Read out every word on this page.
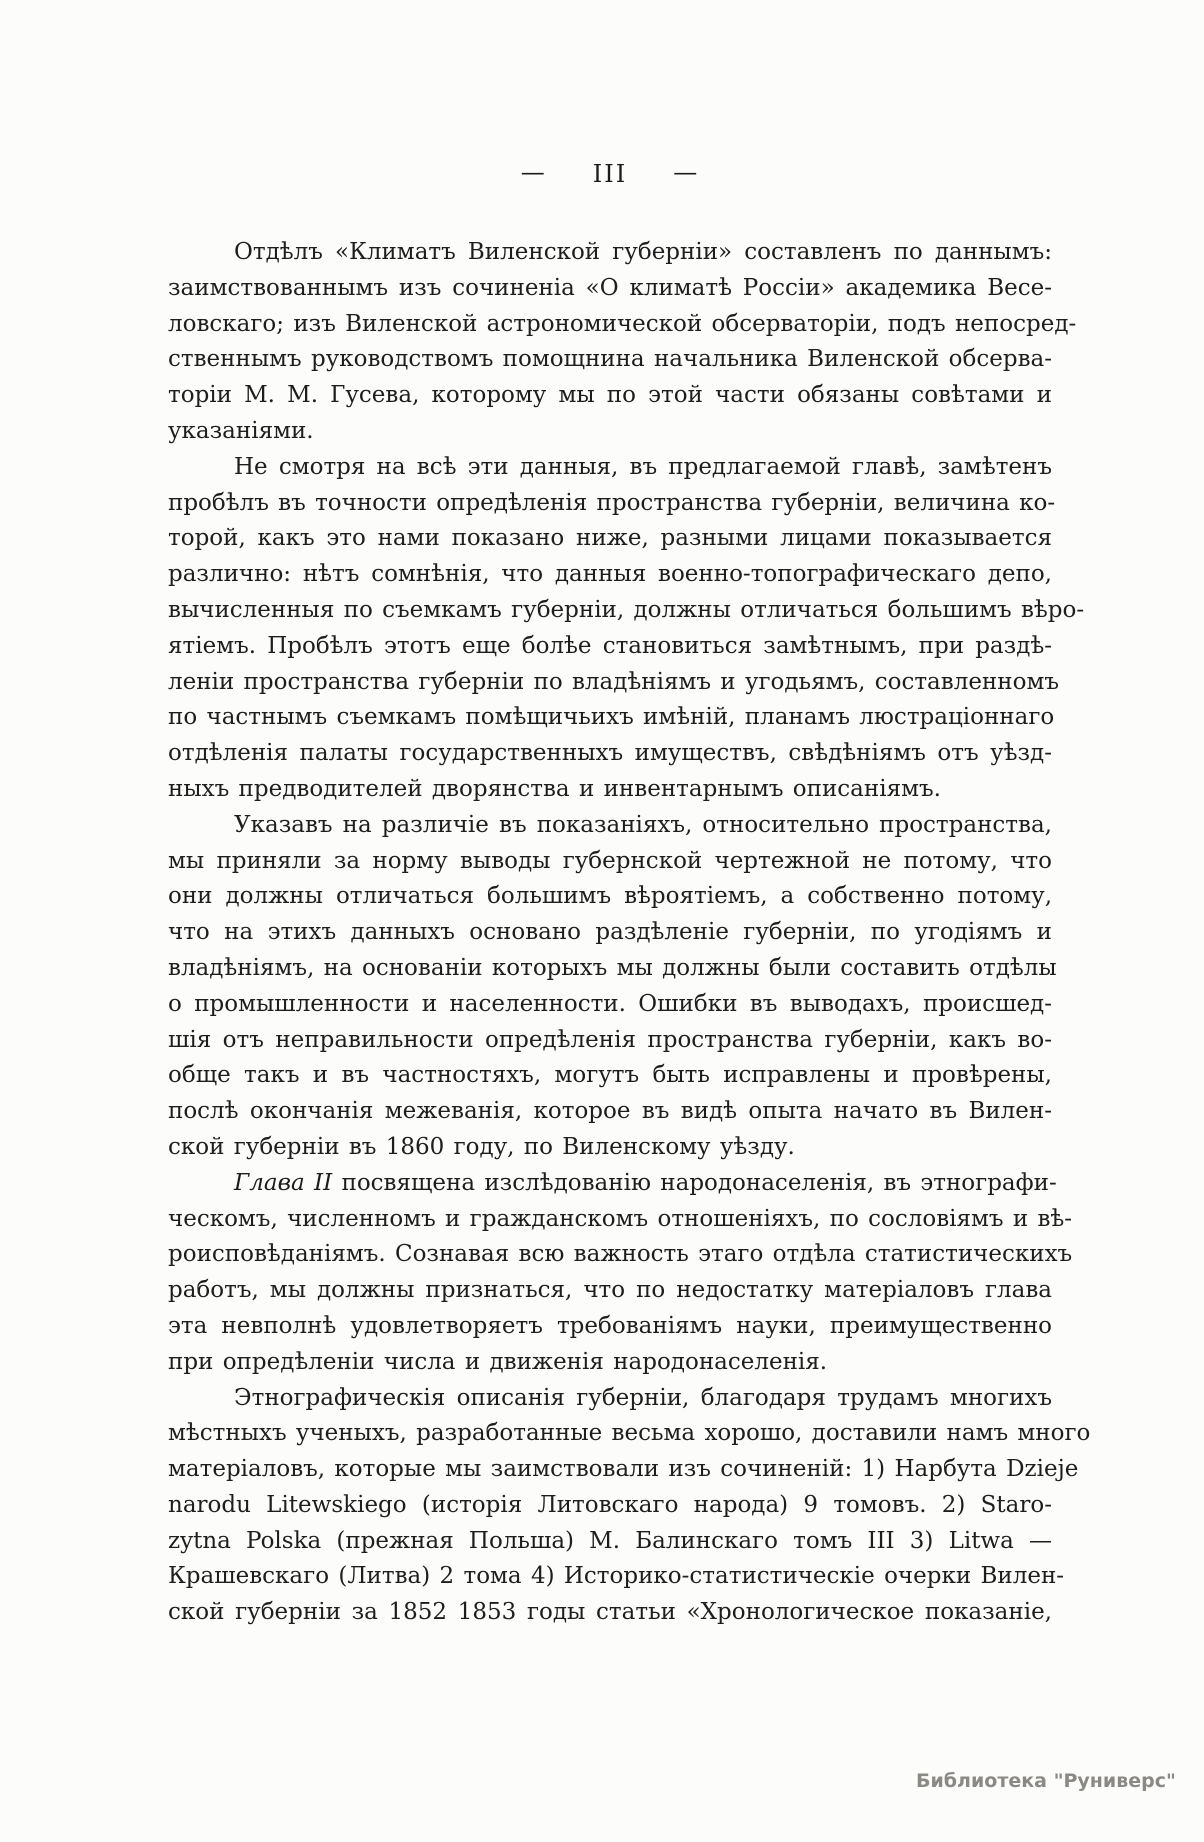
— III —
Отдѣлъ «Климатъ Виленской губерніи» составленъ по даннымъ:
заимствованнымъ изъ сочиненіа «О климатѣ Россіи» академика Весе-
ловскаго; изъ Виленской астрономической обсерваторіи, подъ непосред-
ственнымъ руководствомъ помощнина начальника Виленской обсерва-
торіи М. М. Гусева, которому мы по этой части обязаны совѣтами и
указаніями.
Не смотря на всѣ эти данныя, въ предлагаемой главѣ, замѣтенъ
пробѣлъ въ точности опредѣленія пространства губерніи, величина ко-
торой, какъ это нами показано ниже, разными лицами показывается
различно: нѣтъ сомнѣнія, что данныя военно-топографическаго депо,
вычисленныя по съемкамъ губерніи, должны отличаться большимъ вѣро-
ятіемъ. Пробѣлъ этотъ еще болѣе становиться замѣтнымъ, при раздѣ-
леніи пространства губерніи по владѣніямъ и угодьямъ, составленномъ
по частнымъ съемкамъ помѣщичьихъ имѣній, планамъ люстраціоннаго
отдѣленія палаты государственныхъ имуществъ, свѣдѣніямъ отъ уѣзд-
ныхъ предводителей дворянства и инвентарнымъ описаніямъ.
Указавъ на различіе въ показаніяхъ, относительно пространства,
мы приняли за норму выводы губернской чертежной не потому, что
они должны отличаться большимъ вѣроятіемъ, а собственно потому,
что на этихъ данныхъ основано раздѣленіе губерніи, по угодіямъ и
владѣніямъ, на основаніи которыхъ мы должны были составить отдѣлы
о промышленности и населенности. Ошибки въ выводахъ, происшед-
шія отъ неправильности опредѣленія пространства губерніи, какъ во-
обще такъ и въ частностяхъ, могутъ быть исправлены и провѣрены,
послѣ окончанія межеванія, которое въ видѣ опыта начато въ Вилен-
ской губерніи въ 1860 году, по Виленскому уѣзду.
Глава II посвящена изслѣдованію народонаселенія, въ этнографи-
ческомъ, численномъ и гражданскомъ отношеніяхъ, по сословіямъ и вѣ-
роисповѣданіямъ. Сознавая всю важность этаго отдѣла статистическихъ
работъ, мы должны признаться, что по недостатку матеріаловъ глава
эта невполнѣ удовлетворяетъ требованіямъ науки, преимущественно
при опредѣленіи числа и движенія народонаселенія.
Этнографическія описанія губерніи, благодаря трудамъ многихъ
мѣстныхъ ученыхъ, разработанные весьма хорошо, доставили намъ много
матеріаловъ, которые мы заимствовали изъ сочиненій: 1) Нарбута Dzieje
narodu Litewskiego (исторія Литовскаго народа) 9 томовъ. 2) Staro-
zytna Polska (прежная Польша) М. Балинскаго томъ III 3) Litwa —
Крашевскаго (Литва) 2 тома 4) Историко-статистическіе очерки Вилен-
ской губерніи за 1852 1853 годы статьи «Хронологическое показаніе,
Библиотека "Руниверс"
